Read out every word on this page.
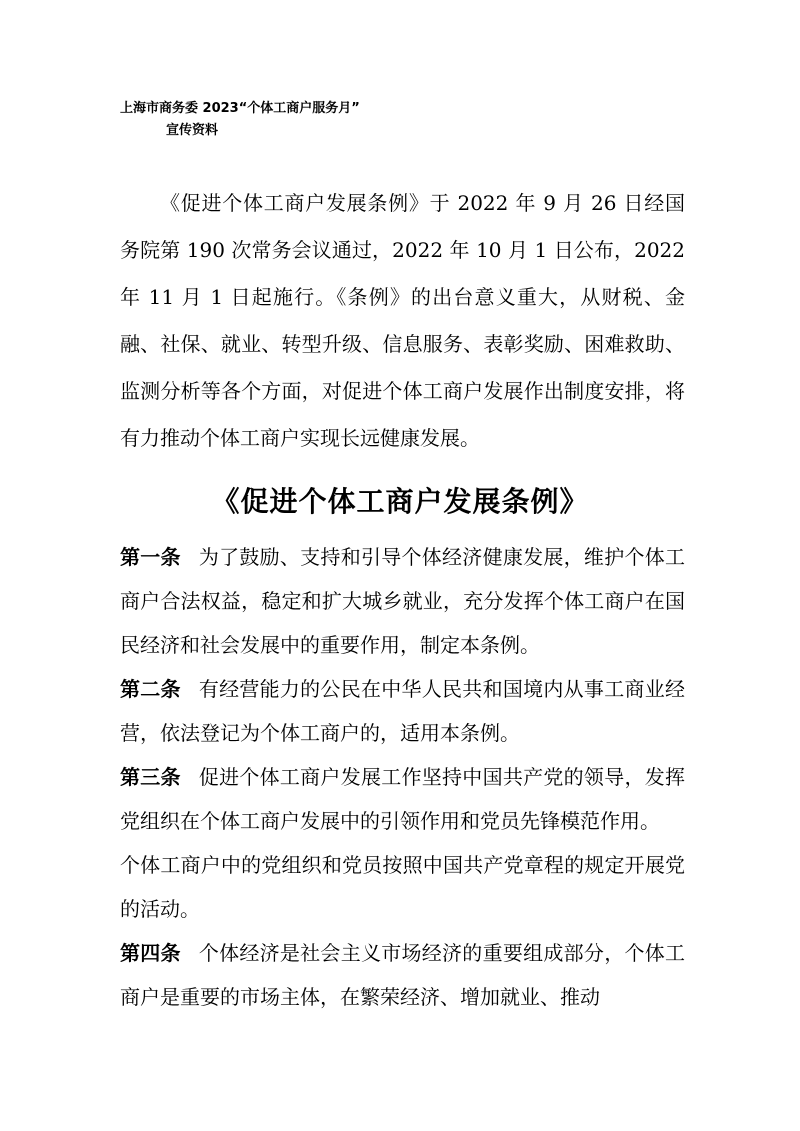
上海市商务委 2023“个体工商户服务月”
宣传资料

《促进个体工商户发展条例》于 2022 年 9 月 26 日经国务院第 190 次常务会议通过，2022 年 10 月 1 日公布，2022 年 11 月 1 日起施行。《条例》的出台意义重大，从财税、金融、社保、就业、转型升级、信息服务、表彰奖励、困难救助、监测分析等各个方面，对促进个体工商户发展作出制度安排，将有力推动个体工商户实现长远健康发展。

《促进个体工商户发展条例》

第一条 为了鼓励、支持和引导个体经济健康发展，维护个体工商户合法权益，稳定和扩大城乡就业，充分发挥个体工商户在国民经济和社会发展中的重要作用，制定本条例。

第二条 有经营能力的公民在中华人民共和国境内从事工商业经营，依法登记为个体工商户的，适用本条例。

第三条 促进个体工商户发展工作坚持中国共产党的领导，发挥党组织在个体工商户发展中的引领作用和党员先锋模范作用。

个体工商户中的党组织和党员按照中国共产党章程的规定开展党的活动。

第四条 个体经济是社会主义市场经济的重要组成部分，个体工商户是重要的市场主体，在繁荣经济、增加就业、推动
